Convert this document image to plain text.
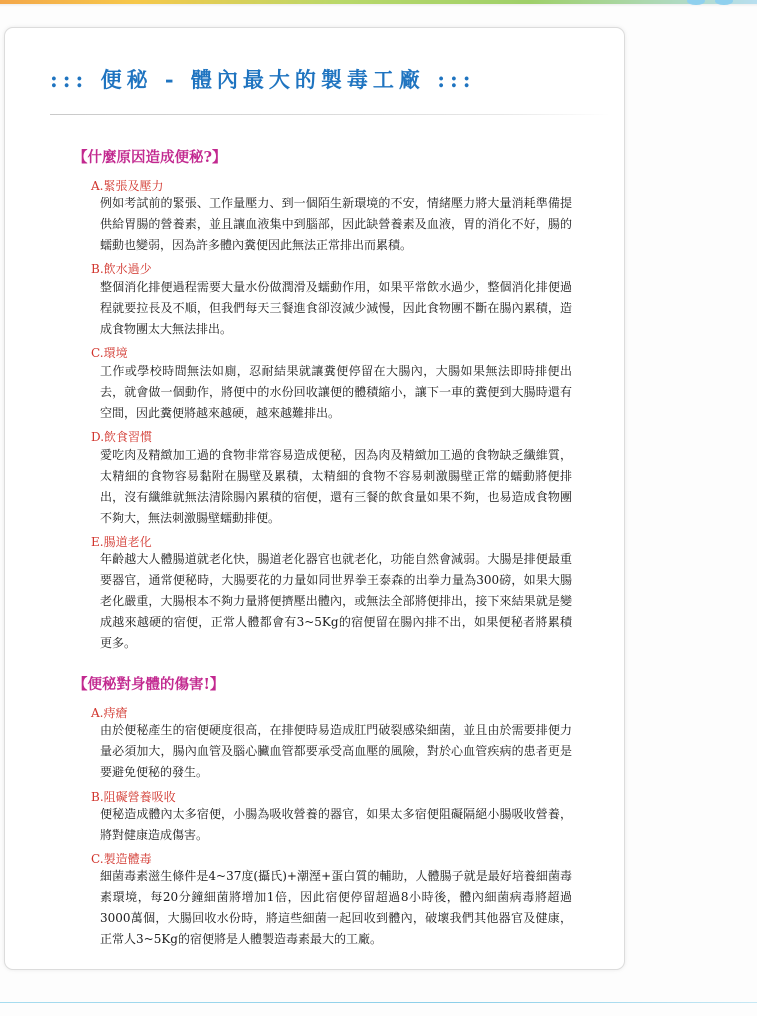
::: 便秘 - 體內最大的製毒工廠 :::
【什麼原因造成便秘?】
A.緊張及壓力

例如考試前的緊張、工作量壓力、到一個陌生新環境的不安，情緒壓力將大量消耗準備提供給胃腸的營養素，並且讓血液集中到腦部，因此缺營養素及血液，胃的消化不好，腸的蠕動也變弱，因為許多體內糞便因此無法正常排出而累積。

B.飲水過少

整個消化排便過程需要大量水份做潤滑及蠕動作用，如果平常飲水過少，整個消化排便過程就要拉長及不順，但我們每天三餐進食卻沒減少減慢，因此食物團不斷在腸內累積，造成食物團太大無法排出。

C.環境

工作或學校時間無法如廁，忍耐結果就讓糞便停留在大腸內，大腸如果無法即時排便出去，就會做一個動作，將便中的水份回收讓便的體積縮小，讓下一車的糞便到大腸時還有空間，因此糞便將越來越硬，越來越難排出。

D.飲食習慣

愛吃肉及精緻加工過的食物非常容易造成便秘，因為肉及精緻加工過的食物缺乏纖維質，太精細的食物容易黏附在腸壁及累積，太精細的食物不容易刺激腸壁正常的蠕動將便排出，沒有纖維就無法清除腸內累積的宿便，還有三餐的飲食量如果不夠，也易造成食物團不夠大，無法刺激腸壁蠕動排便。

E.腸道老化

年齡越大人體腸道就老化快，腸道老化器官也就老化，功能自然會減弱。大腸是排便最重要器官，通常便秘時，大腸要花的力量如同世界拳王泰森的出拳力量為300磅，如果大腸老化嚴重，大腸根本不夠力量將便擠壓出體內，或無法全部將便排出，接下來結果就是變成越來越硬的宿便，正常人體都會有3~5Kg的宿便留在腸內排不出，如果便秘者將累積更多。

【便秘對身體的傷害!】
A.痔瘡

由於便秘產生的宿便硬度很高，在排便時易造成肛門破裂感染細菌，並且由於需要排便力量必須加大，腸內血管及腦心臟血管都要承受高血壓的風險，對於心血管疾病的患者更是要避免便秘的發生。

B.阻礙營養吸收

便秘造成體內太多宿便，小腸為吸收營養的器官，如果太多宿便阻礙隔絕小腸吸收營養，將對健康造成傷害。

C.製造體毒

細菌毒素滋生條件是4~37度(攝氏)+潮溼+蛋白質的輔助，人體腸子就是最好培養細菌毒素環境，每20分鐘細菌將增加1倍，因此宿便停留超過8小時後，體內細菌病毒將超過3000萬個，大腸回收水份時，將這些細菌一起回收到體內，破壞我們其他器官及健康，正常人3~5Kg的宿便將是人體製造毒素最大的工廠。
